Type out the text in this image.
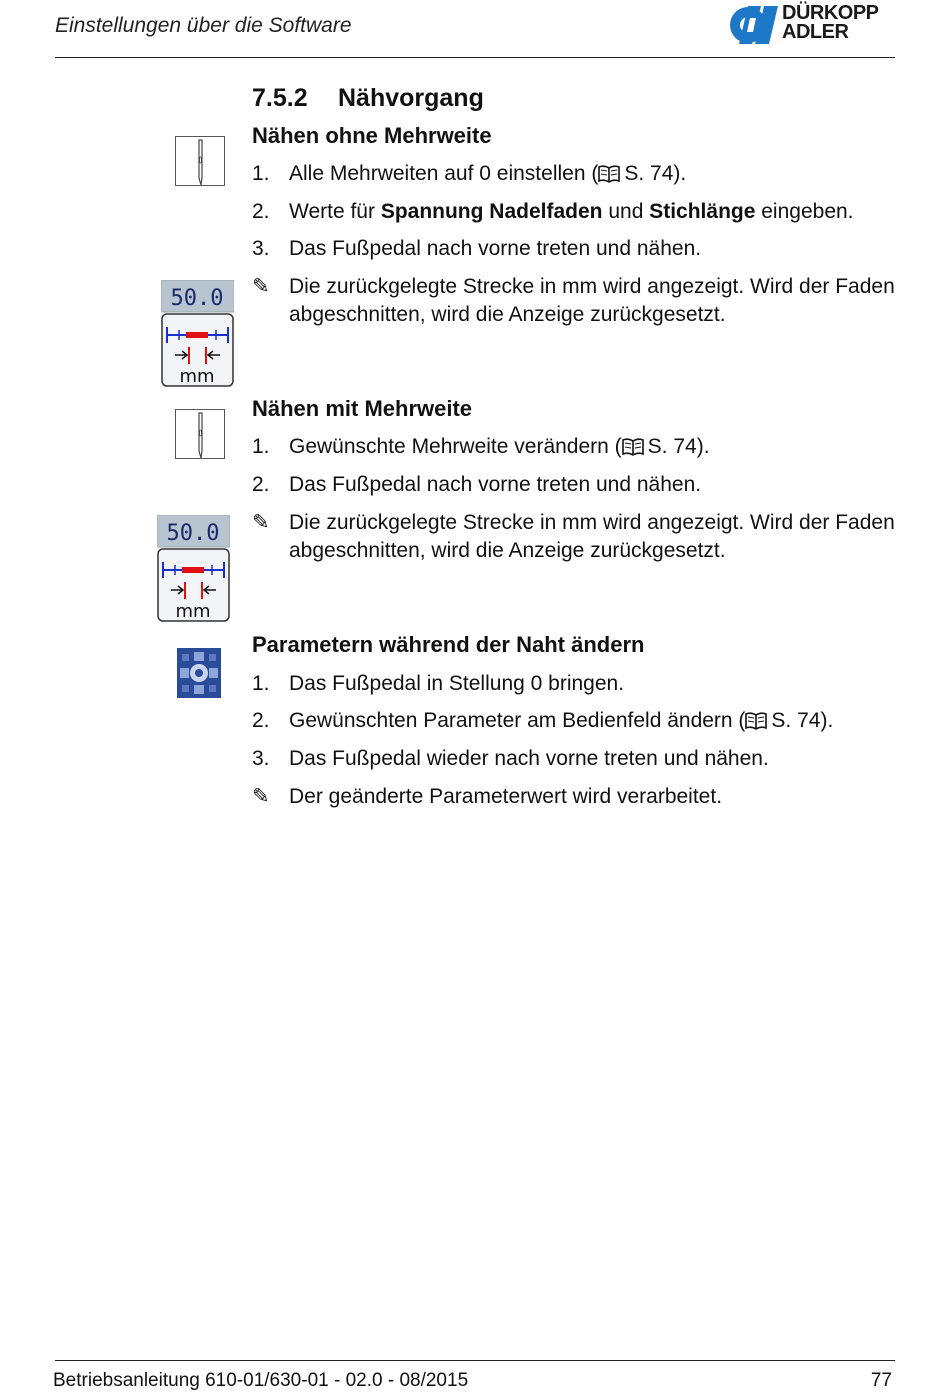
Einstellungen über die Software
DÜRKOPP
ADLER
7.5.2 Nähvorgang
Nähen ohne Mehrweite
1. Alle Mehrweiten auf 0 einstellen ( S. 74).
2. Werte für Spannung Nadelfaden und Stichlänge eingeben.
3. Das Fußpedal nach vorne treten und nähen.
✎ Die zurückgelegte Strecke in mm wird angezeigt. Wird der Faden abgeschnitten, wird die Anzeige zurückgesetzt.
50.0
mm
Nähen mit Mehrweite
1. Gewünschte Mehrweite verändern ( S. 74).
2. Das Fußpedal nach vorne treten und nähen.
✎ Die zurückgelegte Strecke in mm wird angezeigt. Wird der Faden abgeschnitten, wird die Anzeige zurückgesetzt.
50.0
mm
Parametern während der Naht ändern
1. Das Fußpedal in Stellung 0 bringen.
2. Gewünschten Parameter am Bedienfeld ändern ( S. 74).
3. Das Fußpedal wieder nach vorne treten und nähen.
✎ Der geänderte Parameterwert wird verarbeitet.
Betriebsanleitung 610-01/630-01 - 02.0 - 08/2015	77
